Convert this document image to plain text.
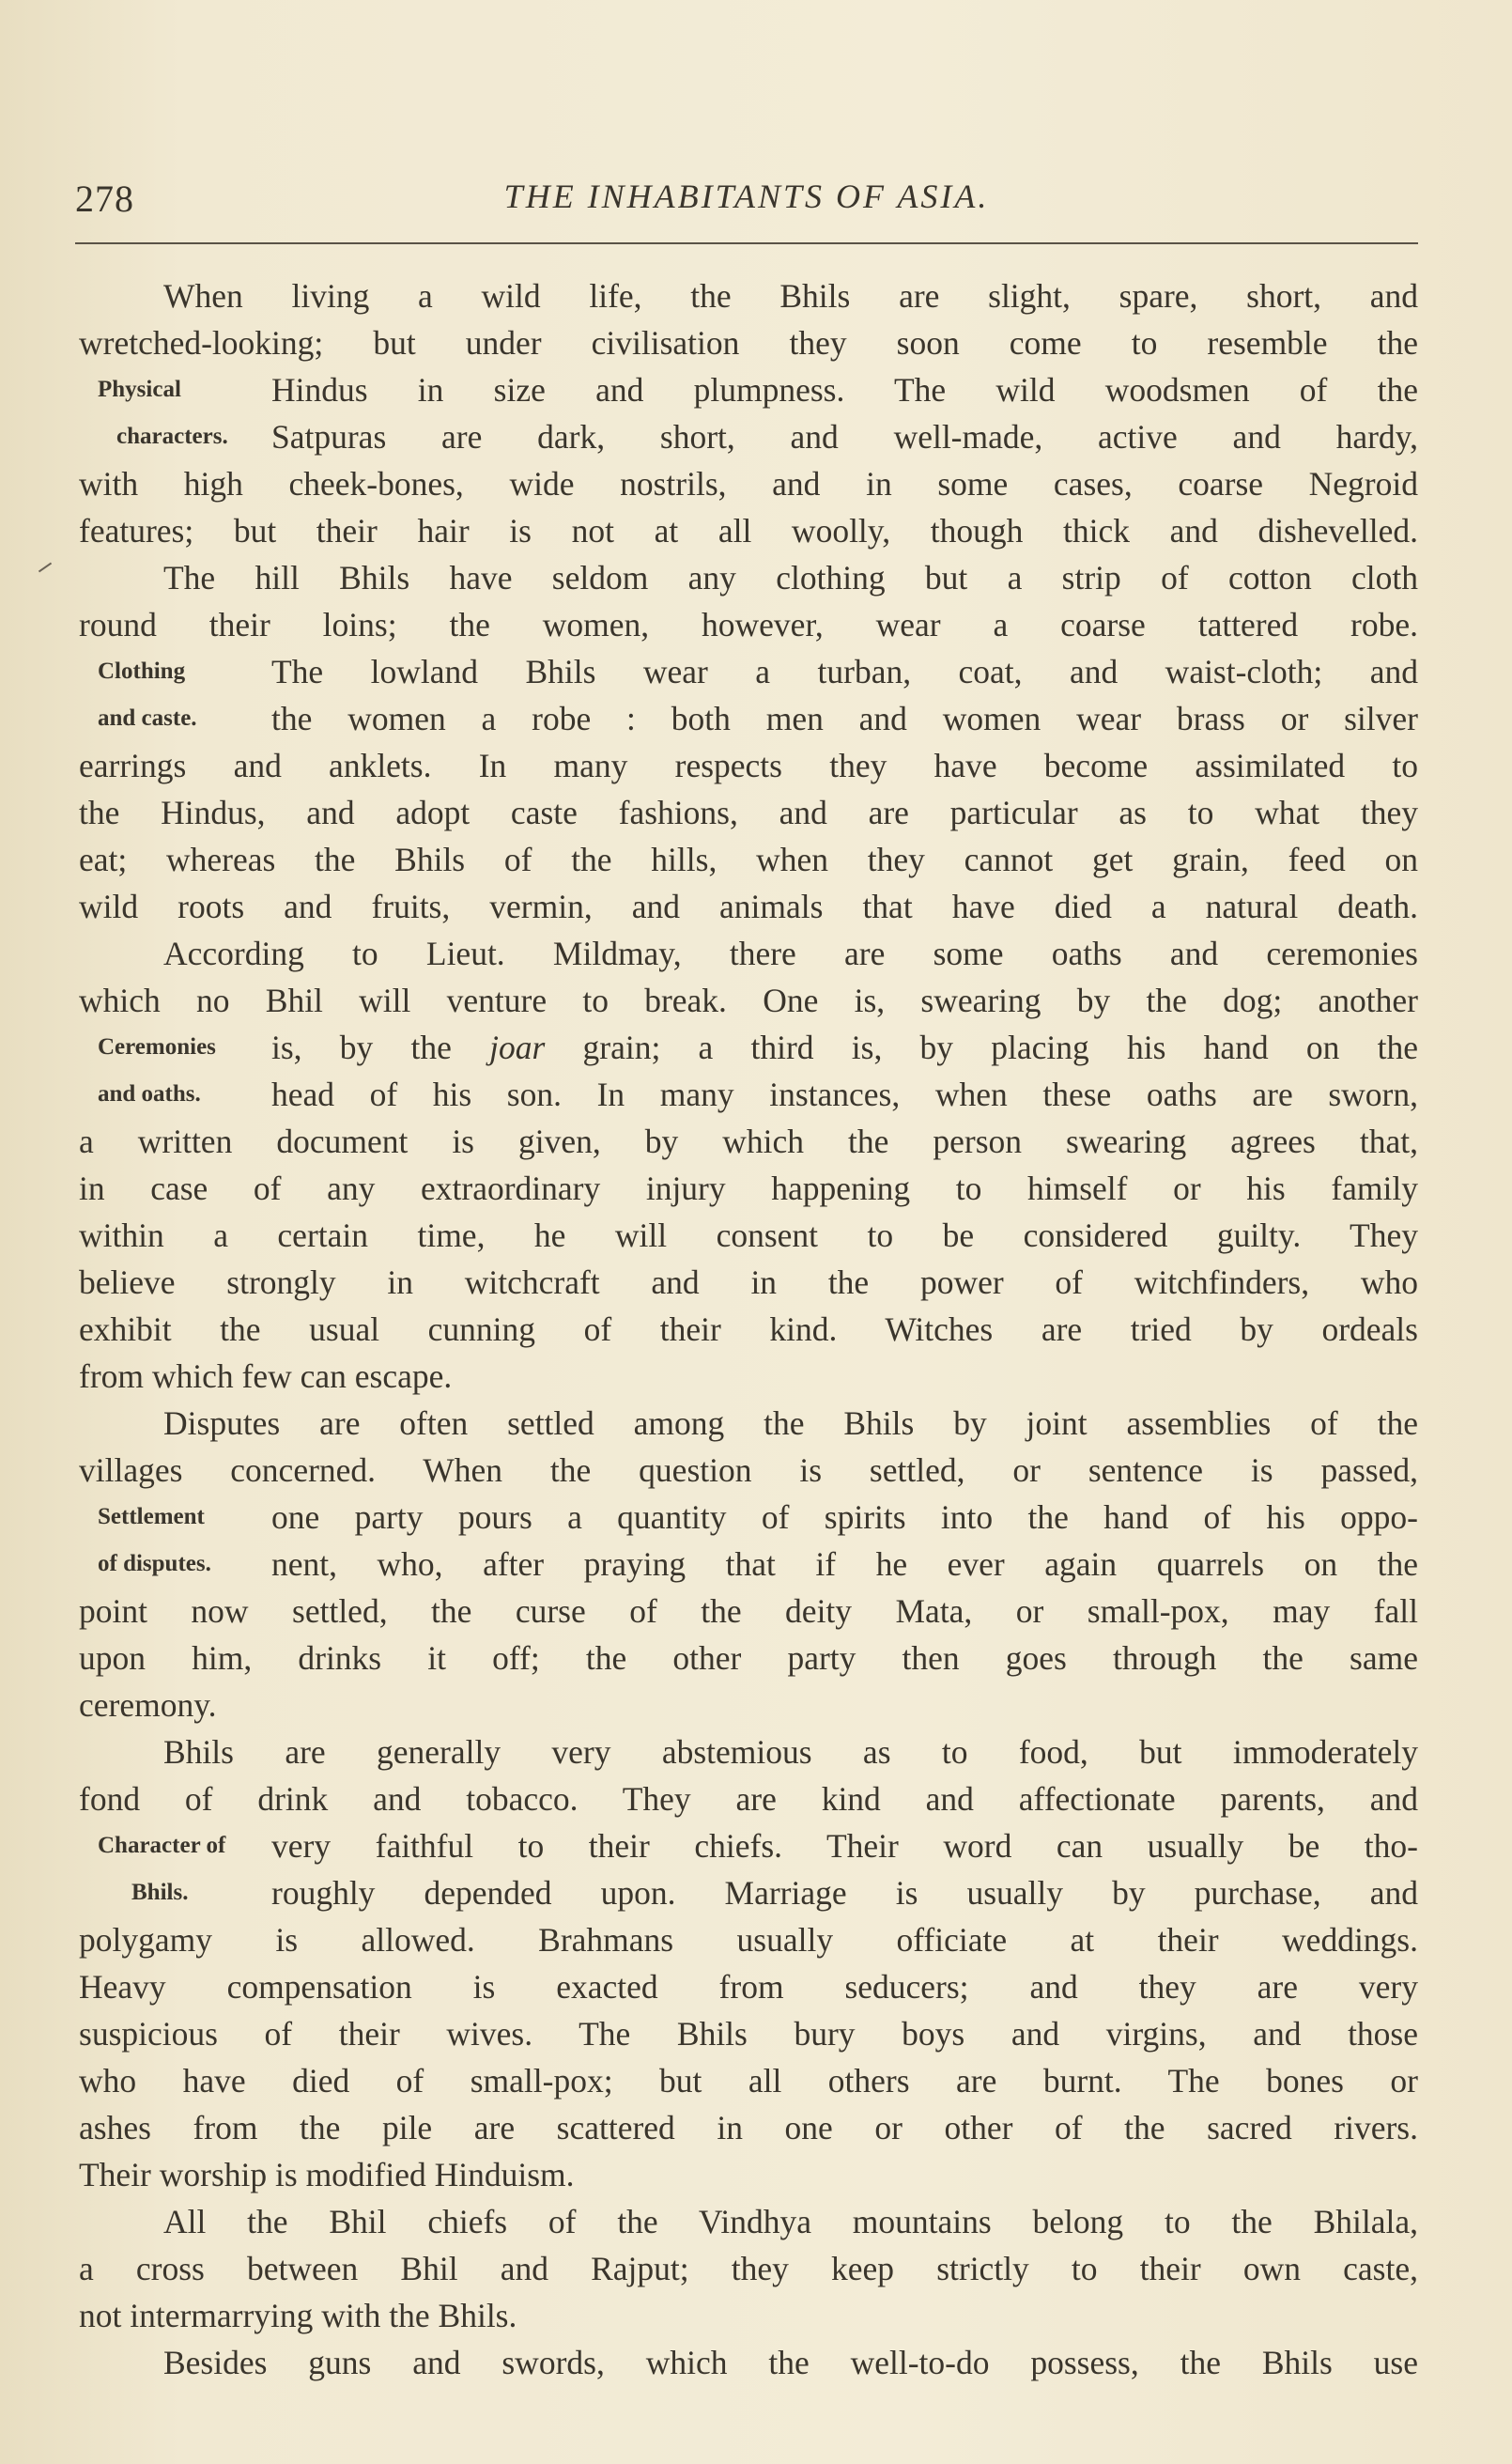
278	THE INHABITANTS OF ASIA.
Physical
characters.
Clothing
and caste.
Ceremonies
and oaths.
Settlement
of disputes.
Character of
Bhils.
When living a wild life, the Bhils are slight, spare, short, and
wretched-looking; but under civilisation they soon come to resemble the
Hindus in size and plumpness. The wild woodsmen of the
Satpuras are dark, short, and well-made, active and hardy,
with high cheek-bones, wide nostrils, and in some cases, coarse Negroid
features; but their hair is not at all woolly, though thick and dishevelled.
The hill Bhils have seldom any clothing but a strip of cotton cloth
round their loins; the women, however, wear a coarse tattered robe.
The lowland Bhils wear a turban, coat, and waist-cloth; and
the women a robe : both men and women wear brass or silver
earrings and anklets. In many respects they have become assimilated to
the Hindus, and adopt caste fashions, and are particular as to what they
eat; whereas the Bhils of the hills, when they cannot get grain, feed on
wild roots and fruits, vermin, and animals that have died a natural death.
According to Lieut. Mildmay, there are some oaths and ceremonies
which no Bhil will venture to break. One is, swearing by the dog; another
is, by the joar grain; a third is, by placing his hand on the
head of his son. In many instances, when these oaths are sworn,
a written document is given, by which the person swearing agrees that,
in case of any extraordinary injury happening to himself or his family
within a certain time, he will consent to be considered guilty. They
believe strongly in witchcraft and in the power of witchfinders, who
exhibit the usual cunning of their kind. Witches are tried by ordeals
from which few can escape.
Disputes are often settled among the Bhils by joint assemblies of the
villages concerned. When the question is settled, or sentence is passed,
one party pours a quantity of spirits into the hand of his oppo-
nent, who, after praying that if he ever again quarrels on the
point now settled, the curse of the deity Mata, or small-pox, may fall
upon him, drinks it off; the other party then goes through the same
ceremony.
Bhils are generally very abstemious as to food, but immoderately
fond of drink and tobacco. They are kind and affectionate parents, and
very faithful to their chiefs. Their word can usually be tho-
roughly depended upon. Marriage is usually by purchase, and
polygamy is allowed. Brahmans usually officiate at their weddings.
Heavy compensation is exacted from seducers; and they are very
suspicious of their wives. The Bhils bury boys and virgins, and those
who have died of small-pox; but all others are burnt. The bones or
ashes from the pile are scattered in one or other of the sacred rivers.
Their worship is modified Hinduism.
All the Bhil chiefs of the Vindhya mountains belong to the Bhilala,
a cross between Bhil and Rajput; they keep strictly to their own caste,
not intermarrying with the Bhils.
Besides guns and swords, which the well-to-do possess, the Bhils use
